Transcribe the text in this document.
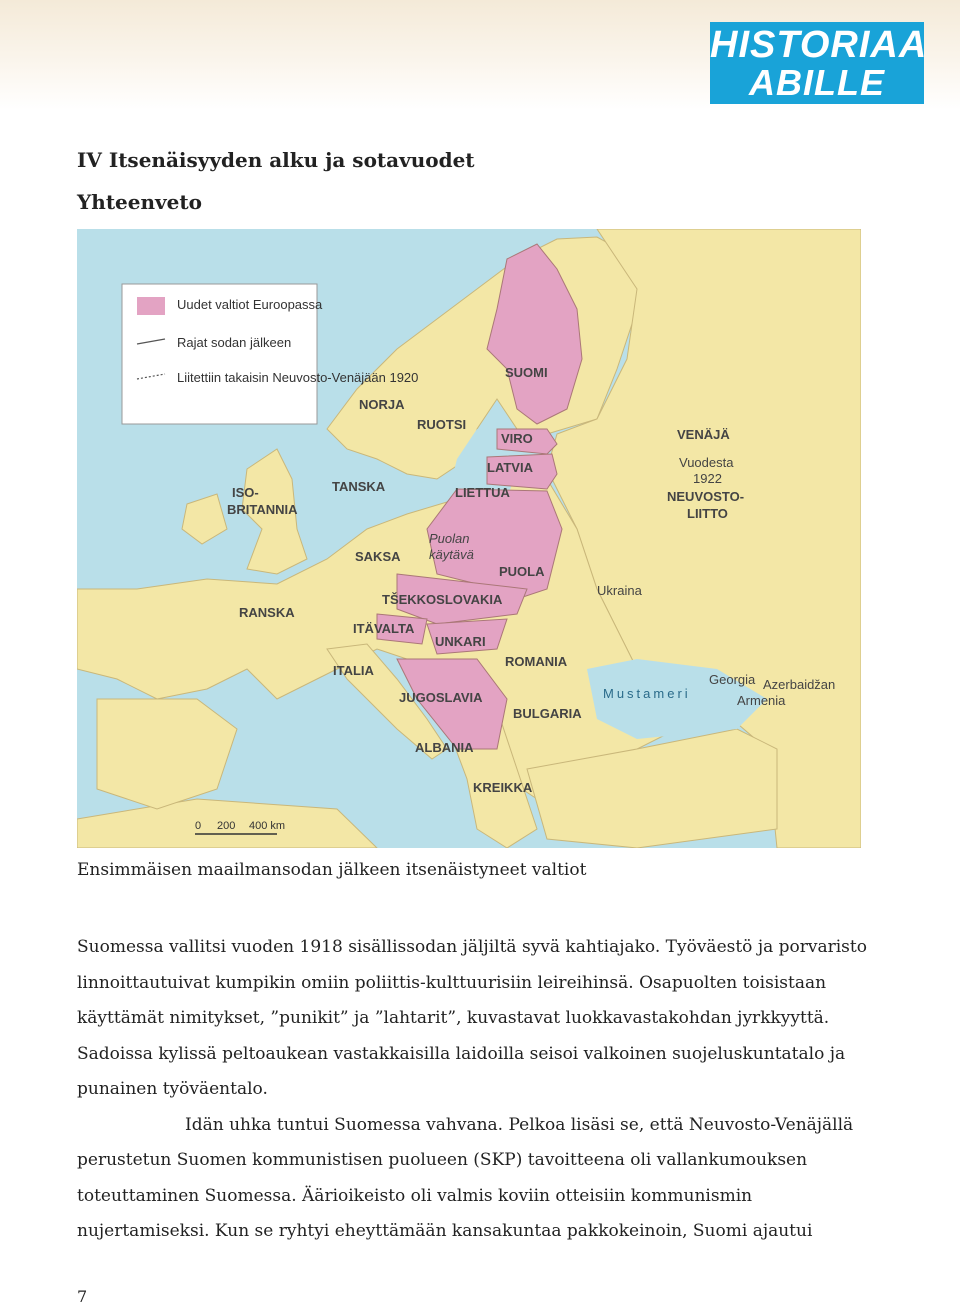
HISTORIAA
ABILLE
IV Itsenäisyyden alku ja sotavuodet
Yhteenveto
Uudet valtiot Euroopassa
Rajat sodan jälkeen
Liitettiin takaisin Neuvosto-Venäjään 1920
0 200 400 km
NORJA
RUOTSI
SUOMI
VIRO
LATVIA
LIETTUA
VENÄJÄ
Vuodesta
1922
NEUVOSTO-
LIITTO
ISO-
BRITANNIA
TANSKA
SAKSA
Puolan
käytävä
PUOLA
Ukraina
RANSKA
TŠEKKOSLOVAKIA
ITÄVALTA
UNKARI
ROMANIA
ITALIA
JUGOSLAVIA
BULGARIA
Mustameri
Georgia Azerbaidžan
Armenia
ALBANIA
KREIKKA
Ensimmäisen maailmansodan jälkeen itsenäistyneet valtiot

Suomessa vallitsi vuoden 1918 sisällissodan jäljiltä syvä kahtiajako. Työväestö ja porvaristo linnoittautuivat kumpikin omiin poliittis-kulttuurisiin leireihinsä. Osapuolten toisistaan käyttämät nimitykset, ”punikit” ja ”lahtarit”, kuvastavat luokkavastakohdan jyrkkyyttä. Sadoissa kylissä peltoaukean vastakkaisilla laidoilla seisoi valkoinen suojeluskuntatalo ja punainen työväentalo.

Idän uhka tuntui Suomessa vahvana. Pelkoa lisäsi se, että Neuvosto-Venäjällä perustetun Suomen kommunistisen puolueen (SKP) tavoitteena oli vallankumouksen toteuttaminen Suomessa. Äärioikeisto oli valmis koviin otteisiin kommunismin nujertamiseksi. Kun se ryhtyi eheyttämään kansakuntaa pakkokeinoin, Suomi ajautui

7
